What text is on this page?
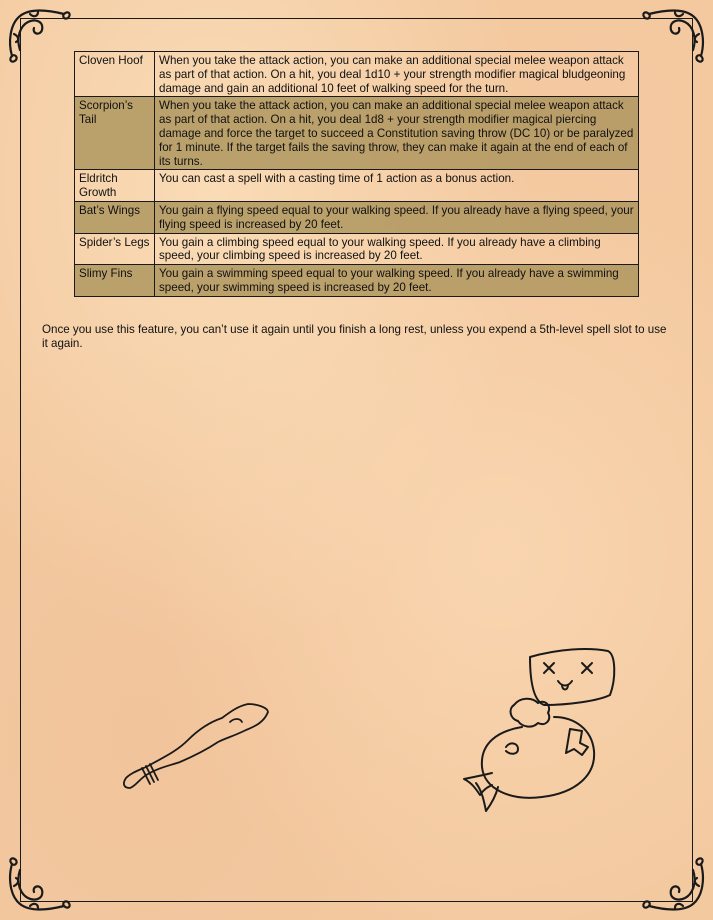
Cloven Hoof	When you take the attack action, you can make an additional special melee weapon attack as part of that action. On a hit, you deal 1d10 + your strength modifier magical bludgeoning damage and gain an additional 10 feet of walking speed for the turn.
Scorpion’s Tail	When you take the attack action, you can make an additional special melee weapon attack as part of that action. On a hit, you deal 1d8 + your strength modifier magical piercing damage and force the target to succeed a Constitution saving throw (DC 10) or be paralyzed for 1 minute. If the target fails the saving throw, they can make it again at the end of each of its turns.
Eldritch Growth	You can cast a spell with a casting time of 1 action as a bonus action.
Bat’s Wings	You gain a flying speed equal to your walking speed. If you already have a flying speed, your flying speed is increased by 20 feet.
Spider’s Legs	You gain a climbing speed equal to your walking speed. If you already have a climbing speed, your climbing speed is increased by 20 feet.
Slimy Fins	You gain a swimming speed equal to your walking speed. If you already have a swimming speed, your swimming speed is increased by 20 feet.

Once you use this feature, you can’t use it again until you finish a long rest, unless you expend a 5th-level spell slot to use it again.
